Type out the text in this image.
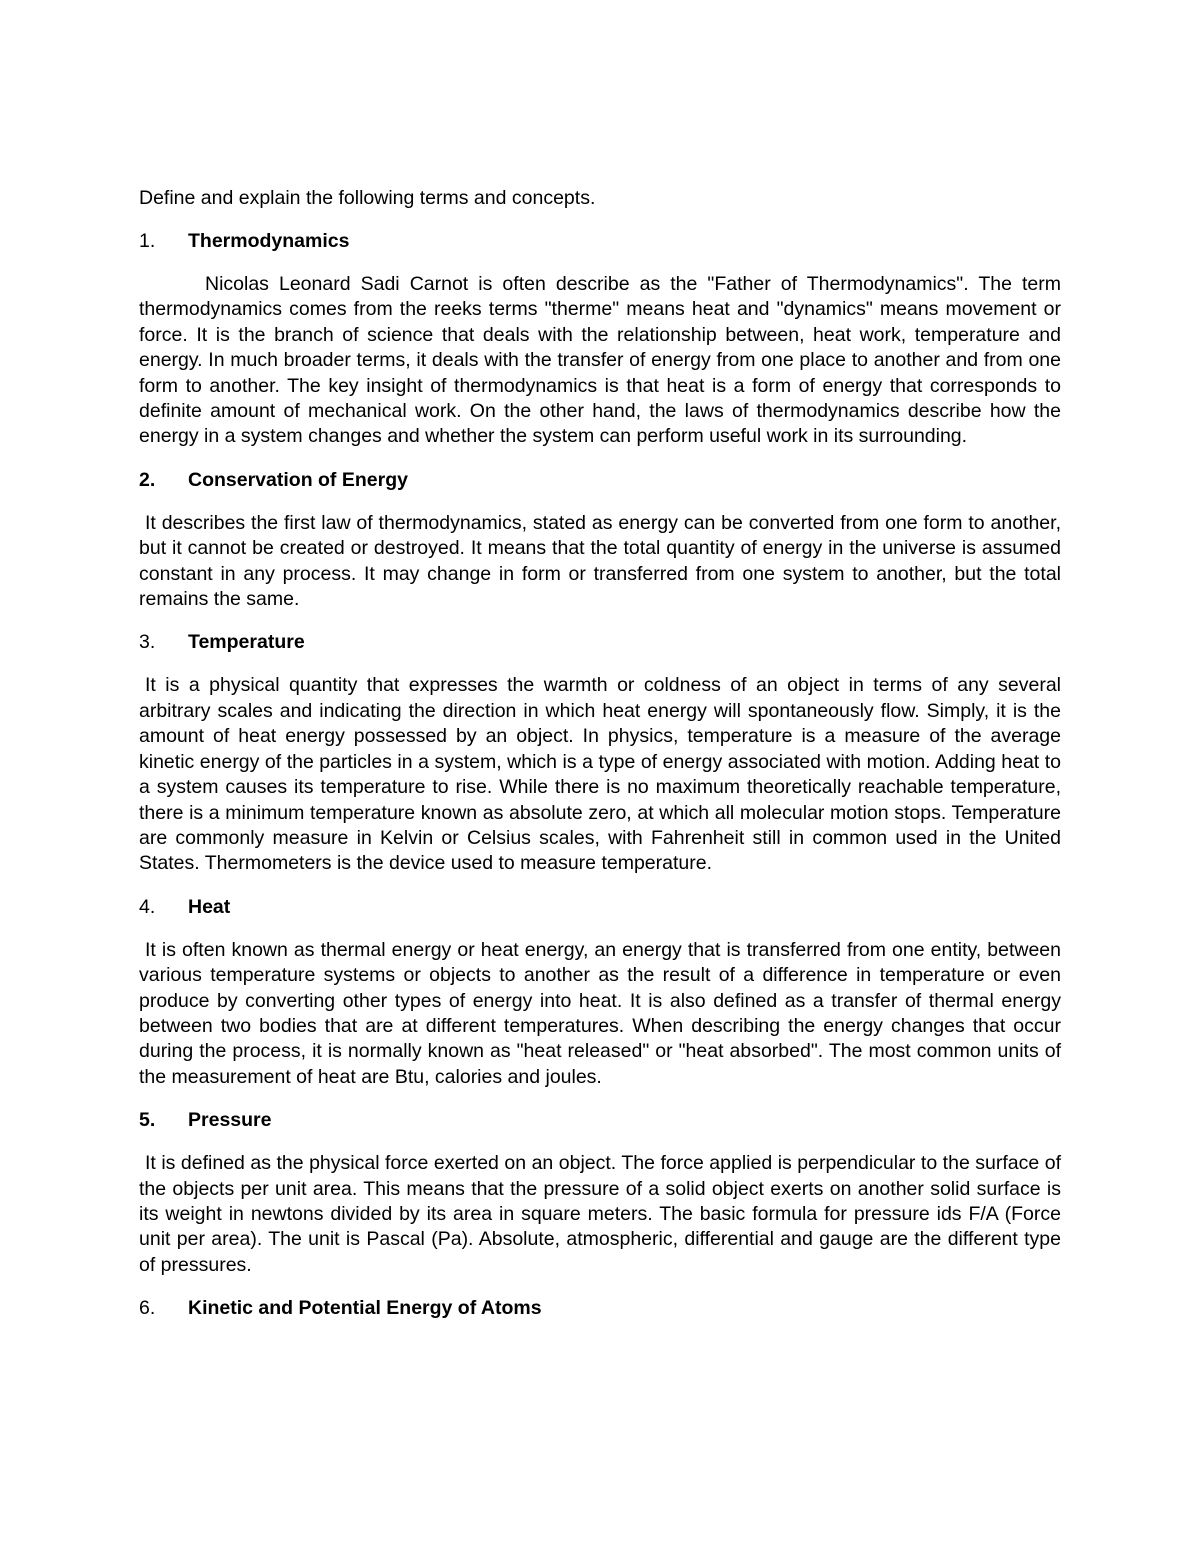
Define and explain the following terms and concepts.

1.	Thermodynamics

Nicolas Leonard Sadi Carnot is often describe as the "Father of Thermodynamics". The term thermodynamics comes from the reeks terms "therme" means heat and "dynamics" means movement or force. It is the branch of science that deals with the relationship between, heat work, temperature and energy. In much broader terms, it deals with the transfer of energy from one place to another and from one form to another. The key insight of thermodynamics is that heat is a form of energy that corresponds to definite amount of mechanical work. On the other hand, the laws of thermodynamics describe how the energy in a system changes and whether the system can perform useful work in its surrounding.

2.	Conservation of Energy

It describes the first law of thermodynamics, stated as energy can be converted from one form to another, but it cannot be created or destroyed. It means that the total quantity of energy in the universe is assumed constant in any process. It may change in form or transferred from one system to another, but the total remains the same.

3.	Temperature

It is a physical quantity that expresses the warmth or coldness of an object in terms of any several arbitrary scales and indicating the direction in which heat energy will spontaneously flow. Simply, it is the amount of heat energy possessed by an object. In physics, temperature is a measure of the average kinetic energy of the particles in a system, which is a type of energy associated with motion. Adding heat to a system causes its temperature to rise. While there is no maximum theoretically reachable temperature, there is a minimum temperature known as absolute zero, at which all molecular motion stops. Temperature are commonly measure in Kelvin or Celsius scales, with Fahrenheit still in common used in the United States. Thermometers is the device used to measure temperature.

4.	Heat

It is often known as thermal energy or heat energy, an energy that is transferred from one entity, between various temperature systems or objects to another as the result of a difference in temperature or even produce by converting other types of energy into heat. It is also defined as a transfer of thermal energy between two bodies that are at different temperatures. When describing the energy changes that occur during the process, it is normally known as "heat released" or "heat absorbed". The most common units of the measurement of heat are Btu, calories and joules.

5.	Pressure

It is defined as the physical force exerted on an object. The force applied is perpendicular to the surface of the objects per unit area. This means that the pressure of a solid object exerts on another solid surface is its weight in newtons divided by its area in square meters. The basic formula for pressure ids F/A (Force unit per area). The unit is Pascal (Pa). Absolute, atmospheric, differential and gauge are the different type of pressures.

6.	Kinetic and Potential Energy of Atoms
